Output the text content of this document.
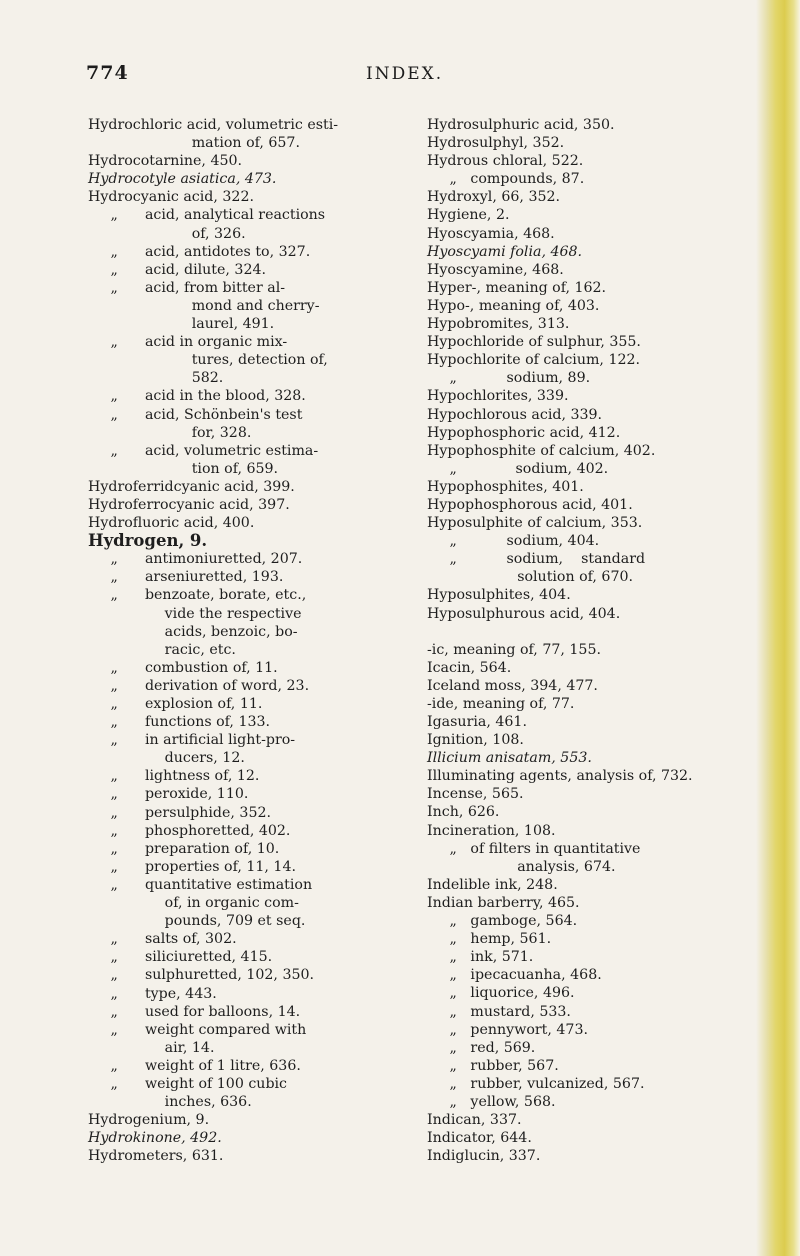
774	INDEX.
Hydrochloric acid, volumetric esti-
mation of, 657.
Hydrocotarnine, 450.
Hydrocotyle asiatica, 473.
Hydrocyanic acid, 322.
„      acid, analytical reactions
of, 326.
„      acid, antidotes to, 327.
„      acid, dilute, 324.
„      acid, from bitter al-
mond and cherry-
laurel, 491.
„      acid in organic mix-
tures, detection of,
582.
„      acid in the blood, 328.
„      acid, Schönbein's test
for, 328.
„      acid, volumetric estima-
tion of, 659.
Hydroferridcyanic acid, 399.
Hydroferrocyanic acid, 397.
Hydrofluoric acid, 400.
Hydrogen, 9.
„      antimoniuretted, 207.
„      arseniuretted, 193.
„      benzoate, borate, etc.,
vide the respective
acids, benzoic, bo-
racic, etc.
„      combustion of, 11.
„      derivation of word, 23.
„      explosion of, 11.
„      functions of, 133.
„      in artificial light-pro-
ducers, 12.
„      lightness of, 12.
„      peroxide, 110.
„      persulphide, 352.
„      phosphoretted, 402.
„      preparation of, 10.
„      properties of, 11, 14.
„      quantitative estimation
of, in organic com-
pounds, 709 et seq.
„      salts of, 302.
„      siliciuretted, 415.
„      sulphuretted, 102, 350.
„      type, 443.
„      used for balloons, 14.
„      weight compared with
air, 14.
„      weight of 1 litre, 636.
„      weight of 100 cubic
inches, 636.
Hydrogenium, 9.
Hydrokinone, 492.
Hydrometers, 631.
Hydrosulphuric acid, 350.
Hydrosulphyl, 352.
Hydrous chloral, 522.
„   compounds, 87.
Hydroxyl, 66, 352.
Hygiene, 2.
Hyoscyamia, 468.
Hyoscyami folia, 468.
Hyoscyamine, 468.
Hyper-, meaning of, 162.
Hypo-, meaning of, 403.
Hypobromites, 313.
Hypochloride of sulphur, 355.
Hypochlorite of calcium, 122.
„           sodium, 89.
Hypochlorites, 339.
Hypochlorous acid, 339.
Hypophosphoric acid, 412.
Hypophosphite of calcium, 402.
„             sodium, 402.
Hypophosphites, 401.
Hypophosphorous acid, 401.
Hyposulphite of calcium, 353.
„           sodium, 404.
„           sodium,    standard
solution of, 670.
Hyposulphites, 404.
Hyposulphurous acid, 404.
-ic, meaning of, 77, 155.
Icacin, 564.
Iceland moss, 394, 477.
-ide, meaning of, 77.
Igasuria, 461.
Ignition, 108.
Illicium anisatam, 553.
Illuminating agents, analysis of, 732.
Incense, 565.
Inch, 626.
Incineration, 108.
„   of filters in quantitative
analysis, 674.
Indelible ink, 248.
Indian barberry, 465.
„   gamboge, 564.
„   hemp, 561.
„   ink, 571.
„   ipecacuanha, 468.
„   liquorice, 496.
„   mustard, 533.
„   pennywort, 473.
„   red, 569.
„   rubber, 567.
„   rubber, vulcanized, 567.
„   yellow, 568.
Indican, 337.
Indicator, 644.
Indiglucin, 337.
